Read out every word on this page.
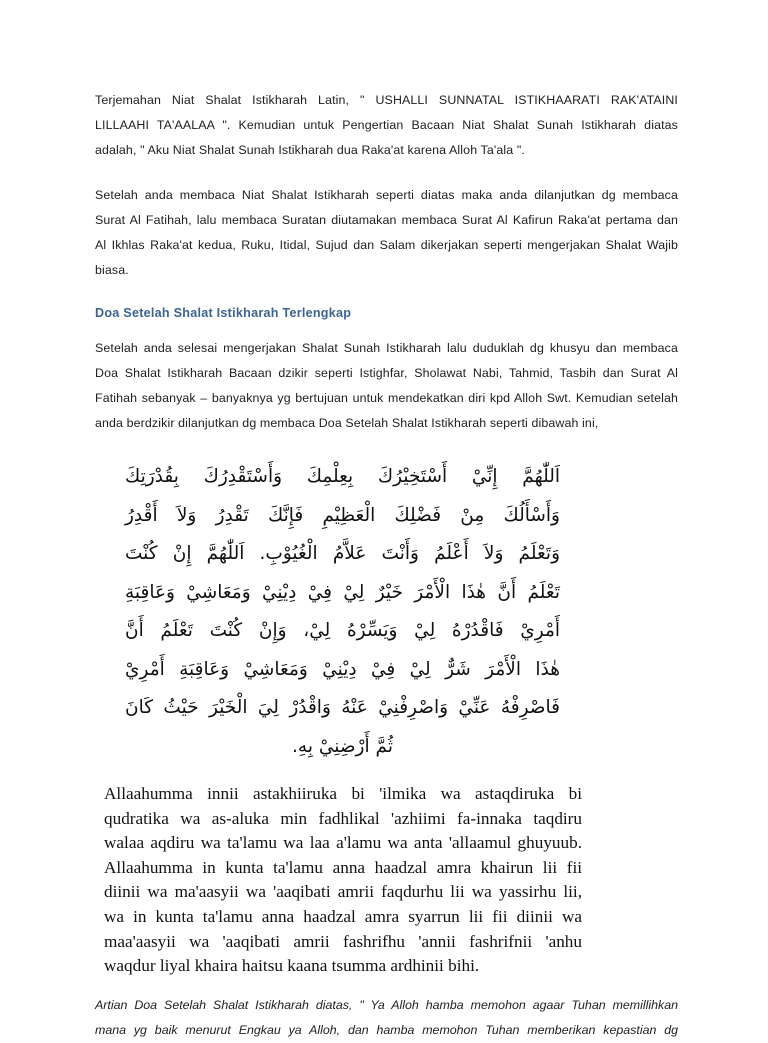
Terjemahan Niat Shalat Istikharah Latin, " USHALLI SUNNATAL ISTIKHAARATI RAK'ATAINI
LILLAAHI TA'AALAA ". Kemudian untuk Pengertian Bacaan Niat Shalat Sunah Istikharah diatas
adalah, " Aku Niat Shalat Sunah Istikharah dua Raka'at karena Alloh Ta'ala ".

Setelah anda membaca Niat Shalat Istikharah seperti diatas maka anda dilanjutkan dg membaca
Surat Al Fatihah, lalu membaca Suratan diutamakan membaca Surat Al Kafirun Raka'at pertama dan
Al Ikhlas Raka'at kedua, Ruku, Itidal, Sujud dan Salam dikerjakan seperti mengerjakan Shalat Wajib
biasa.

Doa Setelah Shalat Istikharah Terlengkap

Setelah anda selesai mengerjakan Shalat Sunah Istikharah lalu duduklah dg khusyu dan membaca
Doa Shalat Istikharah Bacaan dzikir seperti Istighfar, Sholawat Nabi, Tahmid, Tasbih dan Surat Al
Fatihah sebanyak – banyaknya yg bertujuan untuk mendekatkan diri kpd Alloh Swt. Kemudian setelah
anda berdzikir dilanjutkan dg membaca Doa Setelah Shalat Istikharah seperti dibawah ini,

اَللّٰهُمَّ إِنِّيْ أَسْتَخِيْرُكَ بِعِلْمِكَ وَأَسْتَقْدِرُكَ بِقُدْرَتِكَ
وَأَسْأَلُكَ مِنْ فَضْلِكَ الْعَظِيْمِ فَإِنَّكَ تَقْدِرُ وَلاَ أَقْدِرُ
وَتَعْلَمُ وَلاَ أَعْلَمُ وَأَنْتَ عَلاَّمُ الْغُيُوْبِ. اَللّٰهُمَّ إِنْ كُنْتَ
تَعْلَمُ أَنَّ هٰذَا الْأَمْرَ خَيْرٌ لِيْ فِيْ دِيْنِيْ وَمَعَاشِيْ وَعَاقِبَةِ
أَمْرِيْ فَاقْدُرْهُ لِيْ وَيَسِّرْهُ لِيْ، وَإِنْ كُنْتَ تَعْلَمُ أَنَّ
هٰذَا الْأَمْرَ شَرٌّ لِيْ فِيْ دِيْنِيْ وَمَعَاشِيْ وَعَاقِبَةِ أَمْرِيْ
فَاصْرِفْهُ عَنِّيْ وَاصْرِفْنِيْ عَنْهُ وَاقْدُرْ لِيَ الْخَيْرَ حَيْثُ كَانَ
ثُمَّ أَرْضِنِيْ بِهِ.
Allaahumma innii astakhiiruka bi 'ilmika wa astaqdiruka bi
qudratika wa as-aluka min fadhlikal 'azhiimi fa-innaka taqdiru
walaa aqdiru wa ta'lamu wa laa a'lamu wa anta 'allaamul ghuyuub.
Allaahumma in kunta ta'lamu anna haadzal amra khairun lii fii
diinii wa ma'aasyii wa 'aaqibati amrii faqdurhu lii wa yassirhu lii,
wa in kunta ta'lamu anna haadzal amra syarrun lii fii diinii wa
maa'aasyii wa 'aaqibati amrii fashrifhu 'annii fashrifnii 'anhu
waqdur liyal khaira haitsu kaana tsumma ardhinii bihi.

Artian Doa Setelah Shalat Istikharah diatas, " Ya Alloh hamba memohon agaar Tuhan memillihkan
mana yg baik menurut Engkau ya Alloh, dan hamba memohon Tuhan memberikan kepastian dg
